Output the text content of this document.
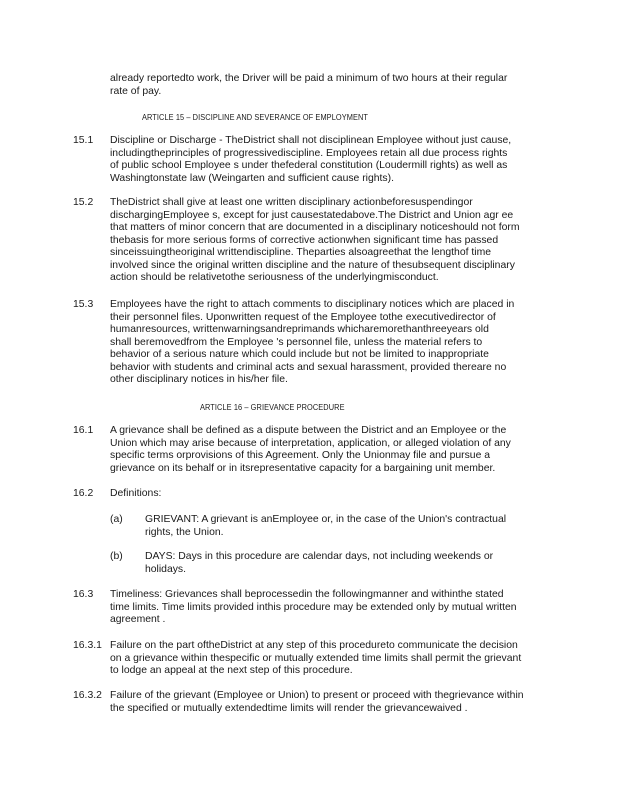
already reportedto work, the Driver will be paid a minimum of two hours at their regular
rate of pay.
ARTICLE 15 – DISCIPLINE AND SEVERANCE OF EMPLOYMENT
15.1 Discipline or Discharge - TheDistrict shall not disciplinean Employee without just cause,
includingtheprinciples of progressivediscipline. Employees retain all due process rights
of public school Employee s under thefederal constitution (Loudermill rights) as well as
Washingtonstate law (Weingarten and sufficient cause rights).
15.2 TheDistrict shall give at least one written disciplinary actionbeforesuspendingor
dischargingEmployee s, except for just causestatedabove.The District and Union agr ee
that matters of minor concern that are documented in a disciplinary noticeshould not form
thebasis for more serious forms of corrective actionwhen significant time has passed
sinceissuingtheoriginal writtendiscipline. Theparties alsoagreethat the lengthof time
involved since the original written discipline and the nature of thesubsequent disciplinary
action should be relativetothe seriousness of the underlyingmisconduct.
15.3 Employees have the right to attach comments to disciplinary notices which are placed in
their personnel files. Uponwritten request of the Employee tothe executivedirector of
humanresources, writtenwarningsandreprimands whicharemorethanthreeyears old
shall beremovedfrom the Employee 's personnel file, unless the material refers to
behavior of a serious nature which could include but not be limited to inappropriate
behavior with students and criminal acts and sexual harassment, provided thereare no
other disciplinary notices in his/her file.
ARTICLE 16 – GRIEVANCE PROCEDURE
16.1 A grievance shall be defined as a dispute between the District and an Employee or the
Union which may arise because of interpretation, application, or alleged violation of any
specific terms orprovisions of this Agreement. Only the Unionmay file and pursue a
grievance on its behalf or in itsrepresentative capacity for a bargaining unit member.
16.2 Definitions:
(a) GRIEVANT: A grievant is anEmployee or, in the case of the Union's contractual
rights, the Union.
(b) DAYS: Days in this procedure are calendar days, not including weekends or
holidays.
16.3 Timeliness: Grievances shall beprocessedin the followingmanner and withinthe stated
time limits. Time limits provided inthis procedure may be extended only by mutual written
agreement .
16.3.1 Failure on the part oftheDistrict at any step of this procedureto communicate the decision
on a grievance within thespecific or mutually extended time limits shall permit the grievant
to lodge an appeal at the next step of this procedure.
16.3.2 Failure of the grievant (Employee or Union) to present or proceed with thegrievance within
the specified or mutually extendedtime limits will render the grievancewaived .
